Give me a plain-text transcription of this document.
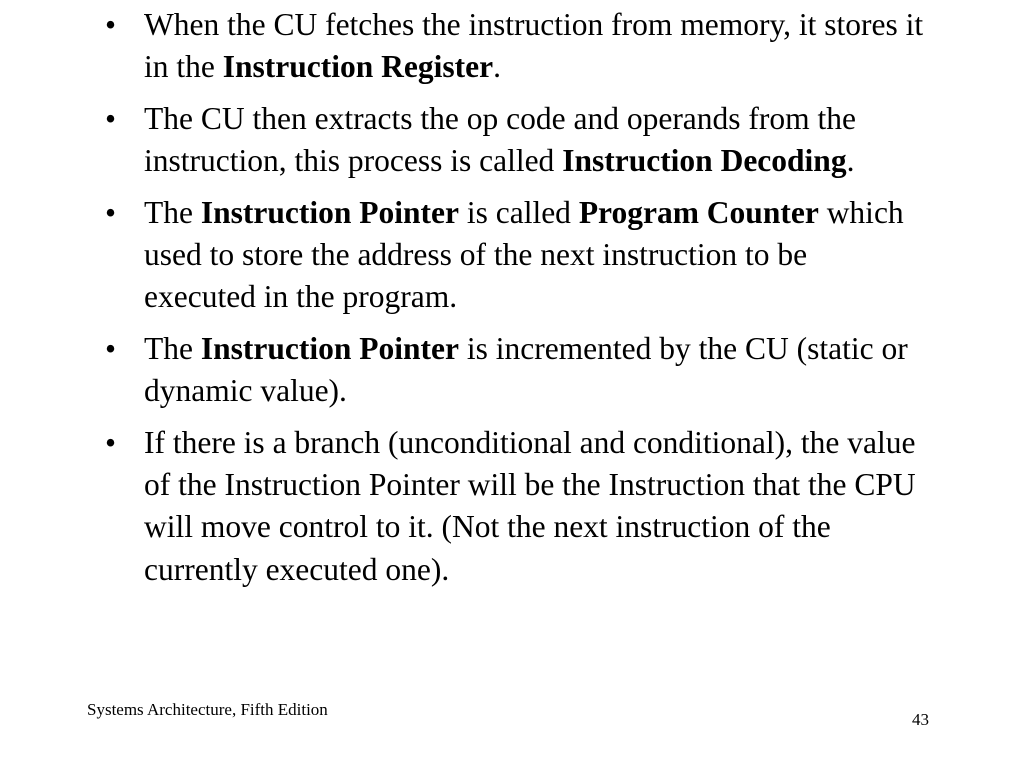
• When the CU fetches the instruction from memory, it stores it in the Instruction Register.
• The CU then extracts the op code and operands from the instruction, this process is called Instruction Decoding.
• The Instruction Pointer is called Program Counter which used to store the address of the next instruction to be executed in the program.
• The Instruction Pointer is incremented by the CU (static or dynamic value).
• If there is a branch (unconditional and conditional), the value of the Instruction Pointer will be the Instruction that the CPU will move control to it. (Not the next instruction of the currently executed one).
Systems Architecture, Fifth Edition
43
